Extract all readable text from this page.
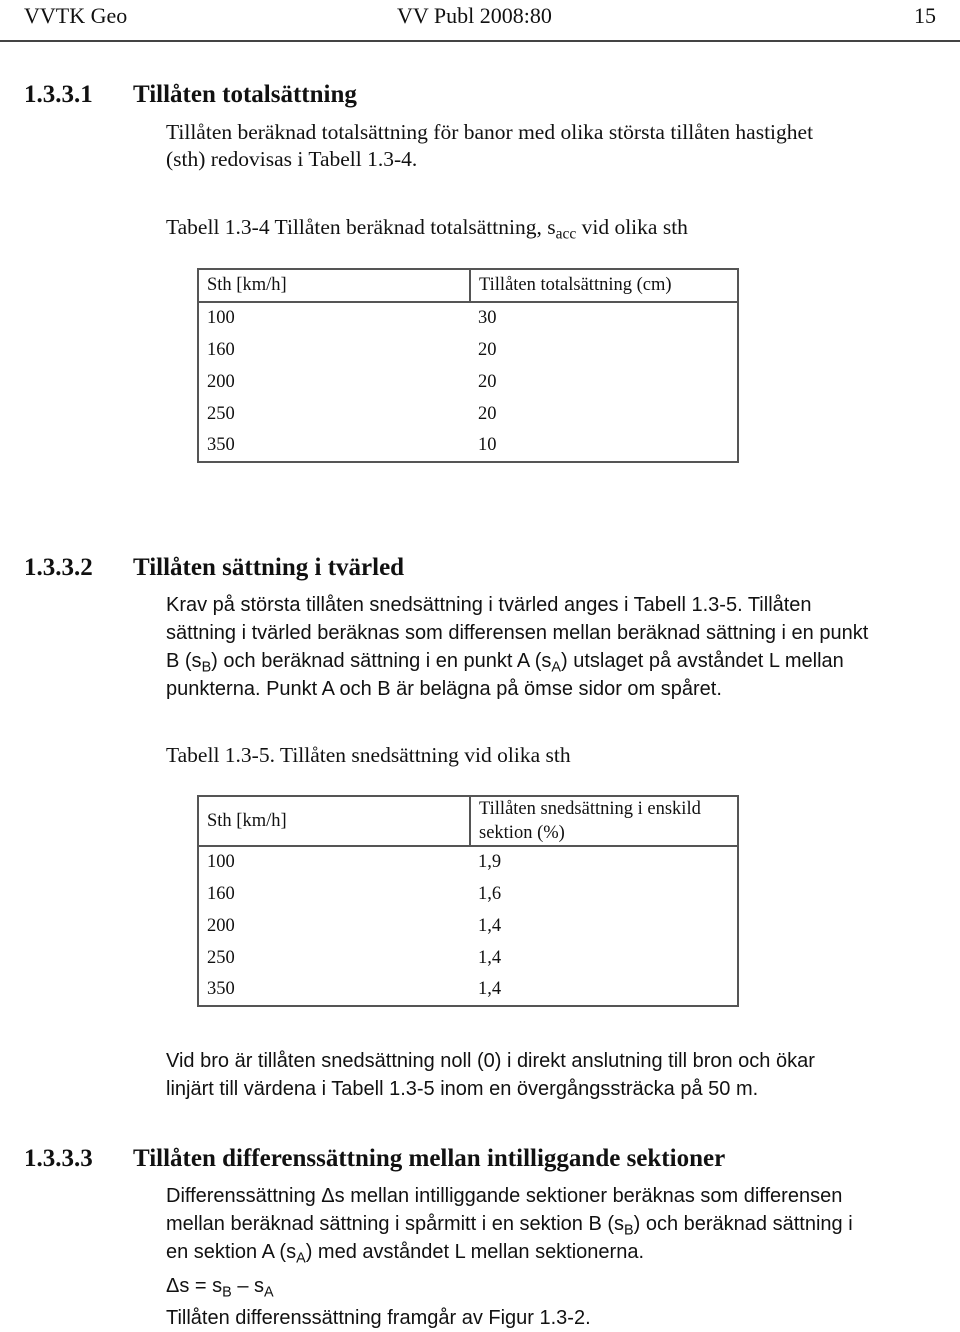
VVTK Geo	VV Publ 2008:80	15
1.3.3.1 Tillåten totalsättning
Tillåten beräknad totalsättning för banor med olika största tillåten hastighet
(sth) redovisas i Tabell 1.3-4.
Tabell 1.3-4 Tillåten beräknad totalsättning, $s_{acc}$ vid olika sth
Sth [km/h]	Tillåten totalsättning (cm)
100	30
160	20
200	20
250	20
350	10
1.3.3.2 Tillåten sättning i tvärled
Krav på största tillåten snedsättning i tvärled anges i Tabell 1.3-5. Tillåten
sättning i tvärled beräknas som differensen mellan beräknad sättning i en punkt
B $(s_B)$ och beräknad sättning i en punkt A $(s_A)$ utslaget på avståndet L mellan
punkterna. Punkt A och B är belägna på ömse sidor om spåret.
Tabell 1.3-5. Tillåten snedsättning vid olika sth
Sth [km/h]	Tillåten snedsättning i enskild sektion (%)
100	1,9
160	1,6
200	1,4
250	1,4
350	1,4
Vid bro är tillåten snedsättning noll (0) i direkt anslutning till bron och ökar
linjärt till värdena i Tabell 1.3-5 inom en övergångssträcka på 50 m.
1.3.3.3 Tillåten differenssättning mellan intilliggande sektioner
Differenssättning Δs mellan intilliggande sektioner beräknas som differensen
mellan beräknad sättning i spårmitt i en sektion B $(s_B)$ och beräknad sättning i
en sektion A $(s_A)$ med avståndet L mellan sektionerna.
$\Delta s = s_B - s_A$
Tillåten differenssättning framgår av Figur 1.3-2.
